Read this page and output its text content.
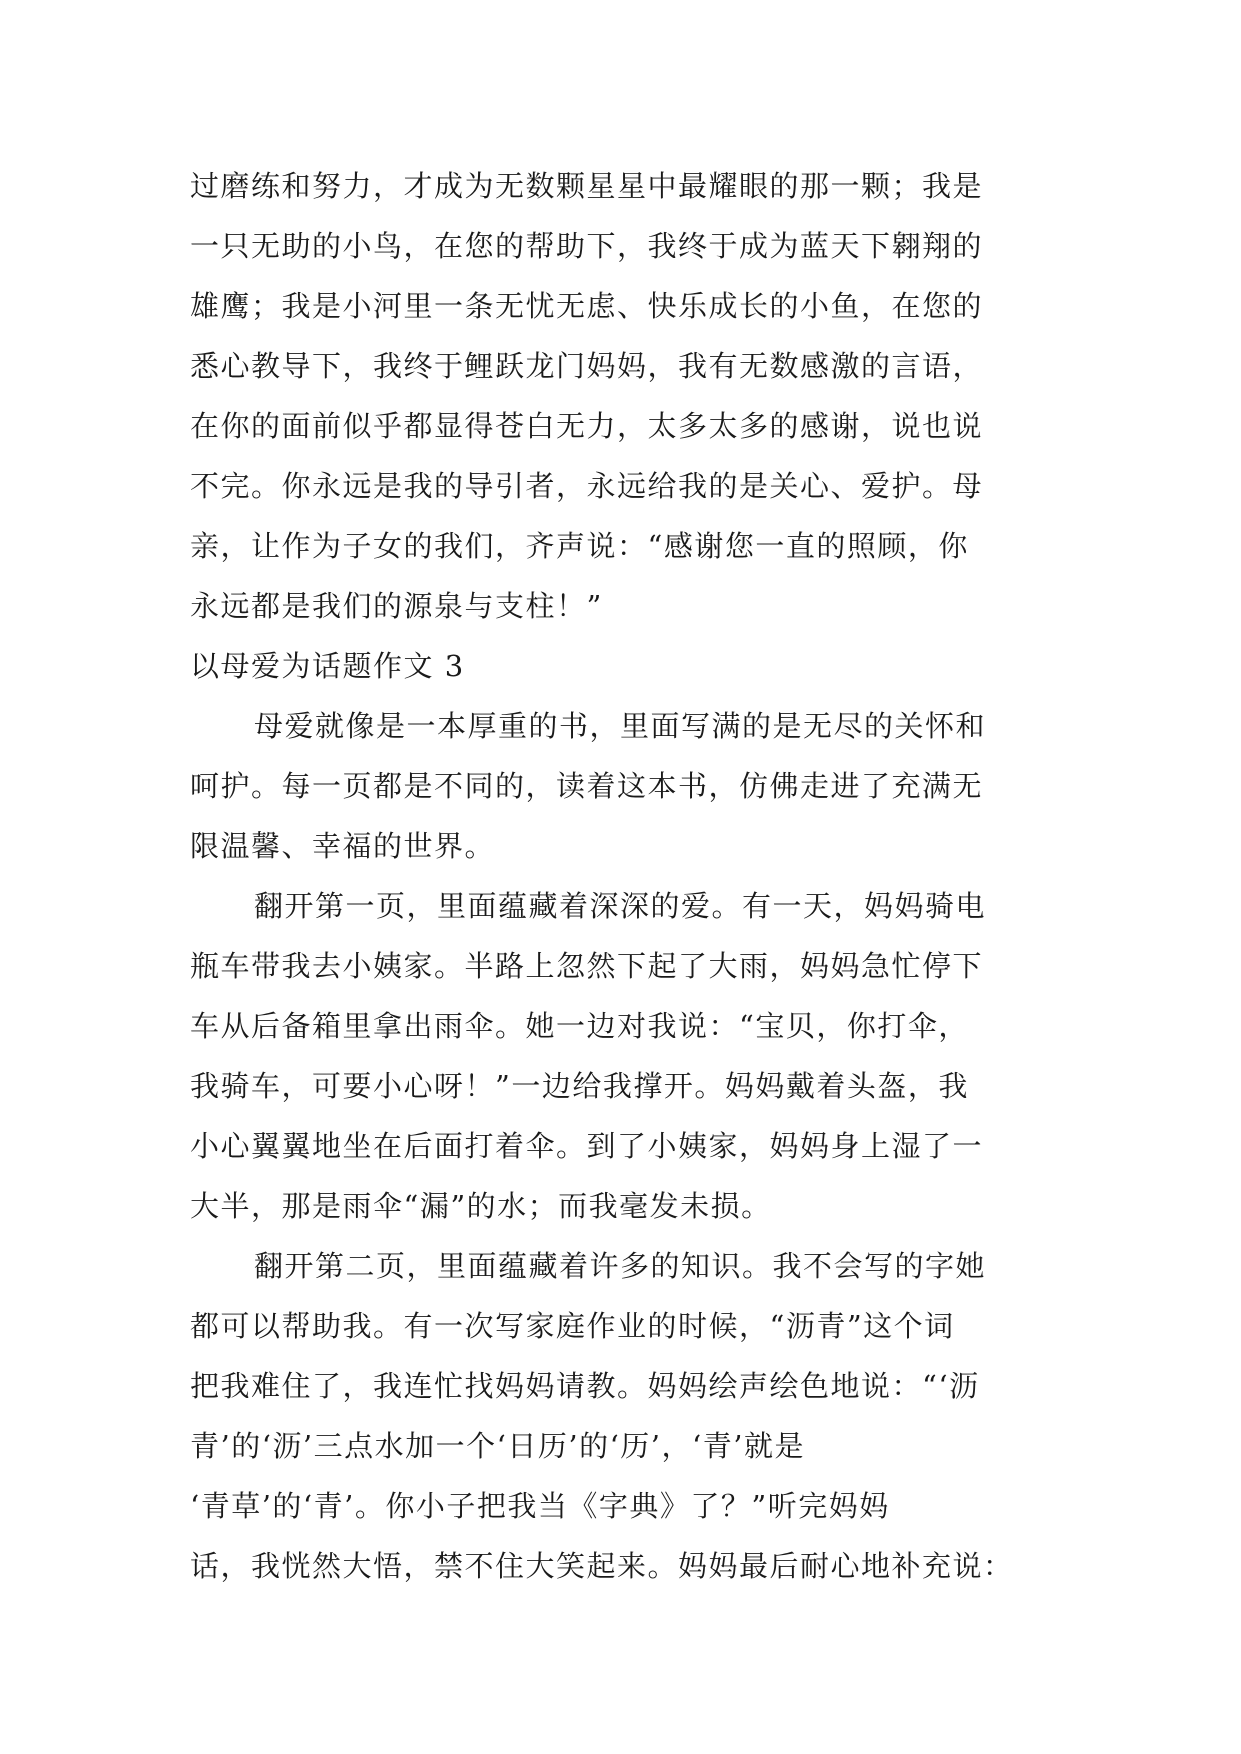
过磨练和努力，才成为无数颗星星中最耀眼的那一颗；我是
一只无助的小鸟，在您的帮助下，我终于成为蓝天下翱翔的
雄鹰；我是小河里一条无忧无虑、快乐成长的小鱼，在您的
悉心教导下，我终于鲤跃龙门妈妈，我有无数感激的言语，
在你的面前似乎都显得苍白无力，太多太多的感谢，说也说
不完。你永远是我的导引者，永远给我的是关心、爱护。母
亲，让作为子女的我们，齐声说：“感谢您一直的照顾，你
永远都是我们的源泉与支柱！”
以母爱为话题作文 3
母爱就像是一本厚重的书，里面写满的是无尽的关怀和
呵护。每一页都是不同的，读着这本书，仿佛走进了充满无
限温馨、幸福的世界。
翻开第一页，里面蕴藏着深深的爱。有一天，妈妈骑电
瓶车带我去小姨家。半路上忽然下起了大雨，妈妈急忙停下
车从后备箱里拿出雨伞。她一边对我说：“宝贝，你打伞，
我骑车，可要小心呀！”一边给我撑开。妈妈戴着头盔，我
小心翼翼地坐在后面打着伞。到了小姨家，妈妈身上湿了一
大半，那是雨伞“漏”的水；而我毫发未损。
翻开第二页，里面蕴藏着许多的知识。我不会写的字她
都可以帮助我。有一次写家庭作业的时候，“沥青”这个词
把我难住了，我连忙找妈妈请教。妈妈绘声绘色地说：“‘沥
青’的‘沥’三点水加一个‘日历’的‘历’，‘青’就是
‘青草’的‘青’。你小子把我当《字典》了？”听完妈妈
话，我恍然大悟，禁不住大笑起来。妈妈最后耐心地补充说：
